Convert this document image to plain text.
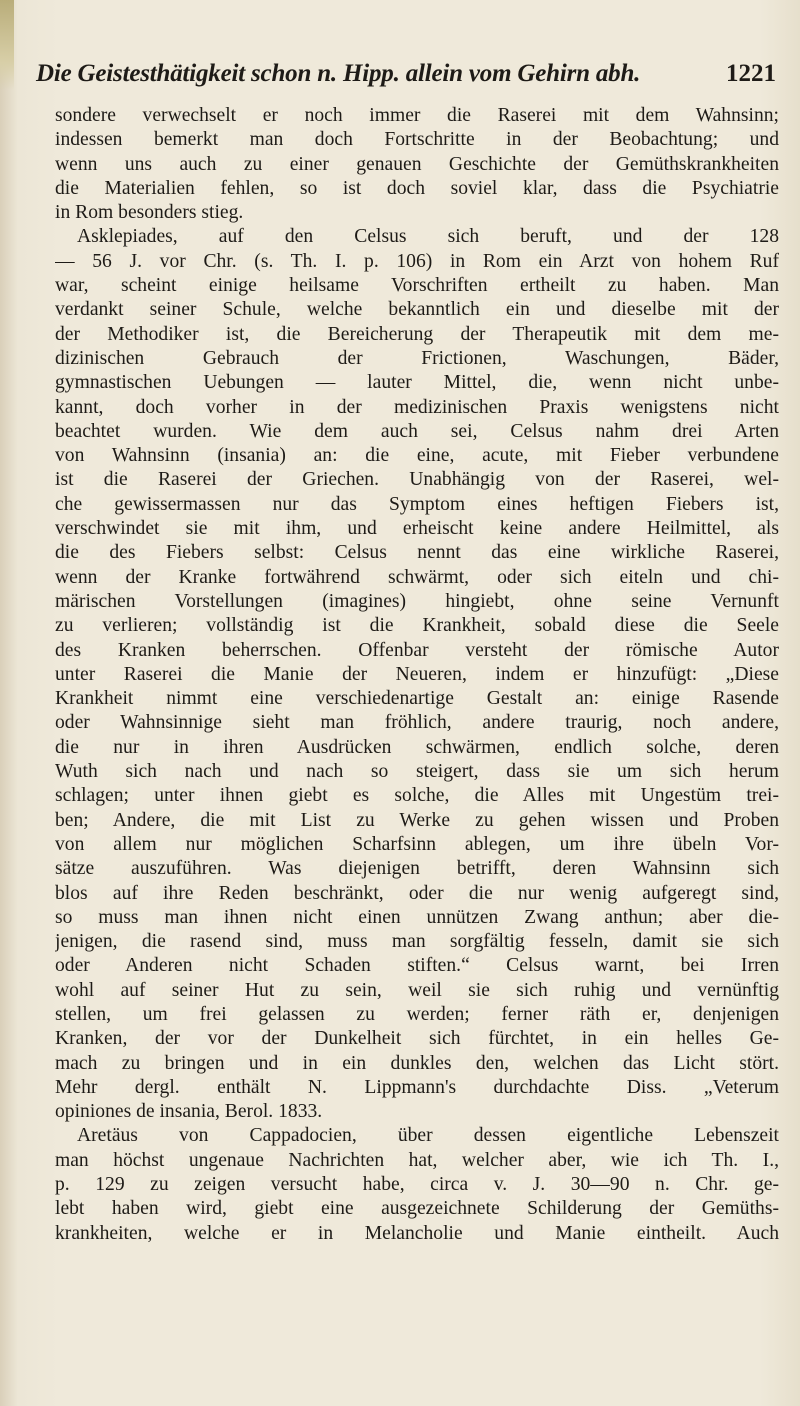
Die Geistesthätigkeit schon n. Hipp. allein vom Gehirn abh.	1221
sondere verwechselt er noch immer die Raserei mit dem Wahnsinn;
indessen bemerkt man doch Fortschritte in der Beobachtung; und
wenn uns auch zu einer genauen Geschichte der Gemüthskrankheiten
die Materialien fehlen, so ist doch soviel klar, dass die Psychiatrie
in Rom besonders stieg.
Asklepiades, auf den Celsus sich beruft, und der 128
— 56 J. vor Chr. (s. Th. I. p. 106) in Rom ein Arzt von hohem Ruf
war, scheint einige heilsame Vorschriften ertheilt zu haben. Man
verdankt seiner Schule, welche bekanntlich ein und dieselbe mit der
der Methodiker ist, die Bereicherung der Therapeutik mit dem me-
dizinischen Gebrauch der Frictionen, Waschungen, Bäder,
gymnastischen Uebungen — lauter Mittel, die, wenn nicht unbe-
kannt, doch vorher in der medizinischen Praxis wenigstens nicht
beachtet wurden. Wie dem auch sei, Celsus nahm drei Arten
von Wahnsinn (insania) an: die eine, acute, mit Fieber verbundene
ist die Raserei der Griechen. Unabhängig von der Raserei, wel-
che gewissermassen nur das Symptom eines heftigen Fiebers ist,
verschwindet sie mit ihm, und erheischt keine andere Heilmittel, als
die des Fiebers selbst: Celsus nennt das eine wirkliche Raserei,
wenn der Kranke fortwährend schwärmt, oder sich eiteln und chi-
märischen Vorstellungen (imagines) hingiebt, ohne seine Vernunft
zu verlieren; vollständig ist die Krankheit, sobald diese die Seele
des Kranken beherrschen. Offenbar versteht der römische Autor
unter Raserei die Manie der Neueren, indem er hinzufügt: „Diese
Krankheit nimmt eine verschiedenartige Gestalt an: einige Rasende
oder Wahnsinnige sieht man fröhlich, andere traurig, noch andere,
die nur in ihren Ausdrücken schwärmen, endlich solche, deren
Wuth sich nach und nach so steigert, dass sie um sich herum
schlagen; unter ihnen giebt es solche, die Alles mit Ungestüm trei-
ben; Andere, die mit List zu Werke zu gehen wissen und Proben
von allem nur möglichen Scharfsinn ablegen, um ihre übeln Vor-
sätze auszuführen. Was diejenigen betrifft, deren Wahnsinn sich
blos auf ihre Reden beschränkt, oder die nur wenig aufgeregt sind,
so muss man ihnen nicht einen unnützen Zwang anthun; aber die-
jenigen, die rasend sind, muss man sorgfältig fesseln, damit sie sich
oder Anderen nicht Schaden stiften.“ Celsus warnt, bei Irren
wohl auf seiner Hut zu sein, weil sie sich ruhig und vernünftig
stellen, um frei gelassen zu werden; ferner räth er, denjenigen
Kranken, der vor der Dunkelheit sich fürchtet, in ein helles Ge-
mach zu bringen und in ein dunkles den, welchen das Licht stört.
Mehr dergl. enthält N. Lippmann's durchdachte Diss. „Veterum
opiniones de insania, Berol. 1833.
Aretäus von Cappadocien, über dessen eigentliche Lebenszeit
man höchst ungenaue Nachrichten hat, welcher aber, wie ich Th. I.,
p. 129 zu zeigen versucht habe, circa v. J. 30—90 n. Chr. ge-
lebt haben wird, giebt eine ausgezeichnete Schilderung der Gemüths-
krankheiten, welche er in Melancholie und Manie eintheilt. Auch
